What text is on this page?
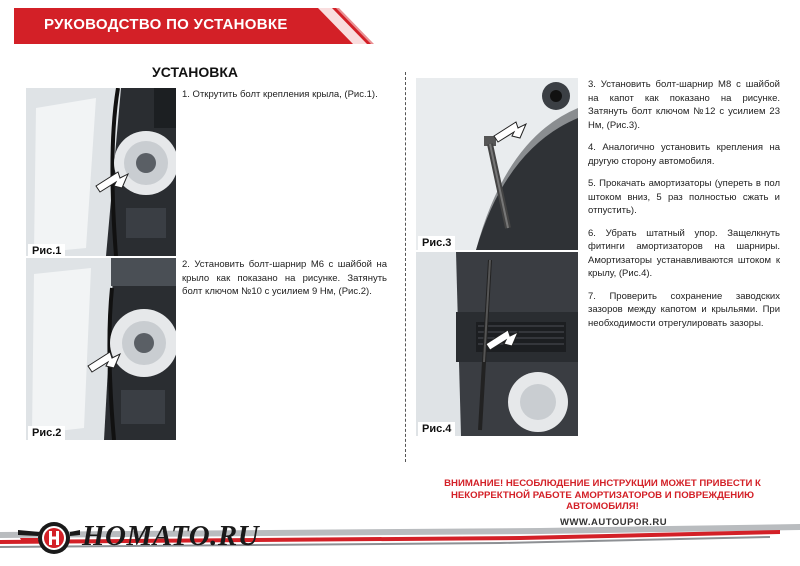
РУКОВОДСТВО ПО УСТАНОВКЕ
УСТАНОВКА
Рис.1
Рис.2
1. Открутить болт крепления крыла, (Рис.1).
2. Установить болт-шарнир М6 с шайбой на крыло как показано на рисунке. Затянуть болт ключом №10 с усилием 9 Нм, (Рис.2).
Рис.3
Рис.4

3. Установить болт-шарнир М8 с шайбой на капот как показано на рисунке. Затянуть болт ключом №12 с усилием 23 Нм, (Рис.3).

4. Аналогично установить крепления на другую сторону автомобиля.

5. Прокачать амортизаторы (упереть в пол штоком вниз, 5 раз полностью сжать и отпустить).

6. Убрать штатный упор. Защелкнуть фитинги амортизаторов на шарниры. Амортизаторы устанавливаются штоком к крылу, (Рис.4).

7. Проверить сохранение заводских зазоров между капотом и крыльями. При необходимости отрегулировать зазоры.

ВНИМАНИЕ! НЕСОБЛЮДЕНИЕ ИНСТРУКЦИИ МОЖЕТ ПРИВЕСТИ К
НЕКОРРЕКТНОЙ РАБОТЕ АМОРТИЗАТОРОВ И ПОВРЕЖДЕНИЮ
АВТОМОБИЛЯ!
WWW.AUTOUPOR.RU
HOMATO.RU
